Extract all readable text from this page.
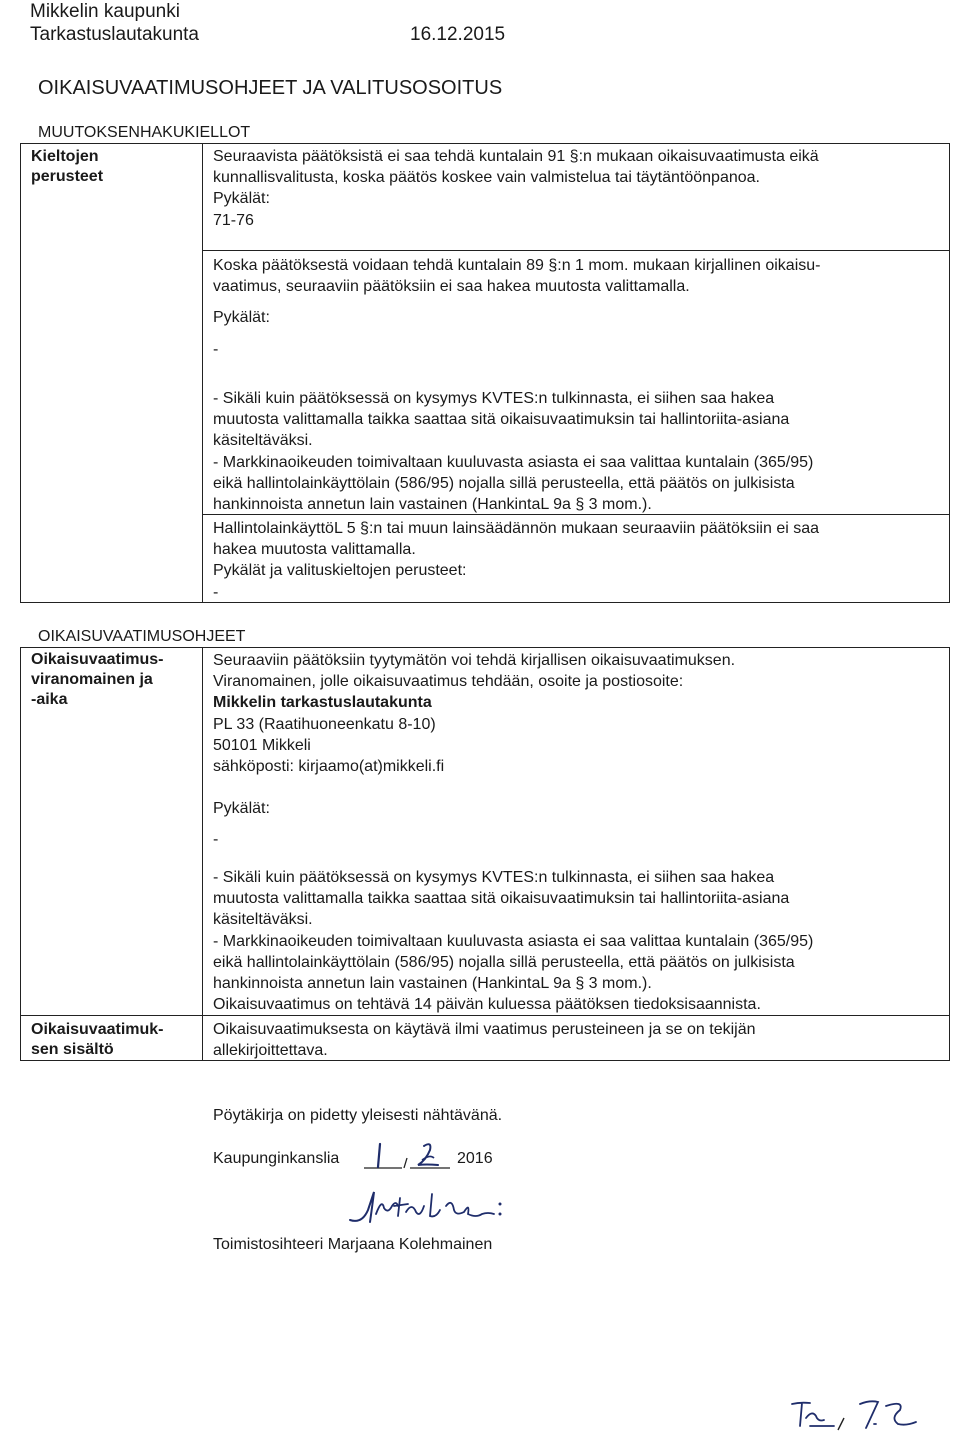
Mikkelin kaupunki
Tarkastuslautakunta	16.12.2015
OIKAISUVAATIMUSOHJEET JA VALITUSOSOITUS
MUUTOKSENHAKUKIELLOT
Kieltojen
perusteet
Seuraavista päätöksistä ei saa tehdä kuntalain 91 §:n mukaan oikaisuvaatimusta eikä
kunnallisvalitusta, koska päätös koskee vain valmistelua tai täytäntöönpanoa.
Pykälät:
71-76
Koska päätöksestä voidaan tehdä kuntalain 89 §:n 1 mom. mukaan kirjallinen oikaisu-
vaatimus, seuraaviin päätöksiin ei saa hakea muutosta valittamalla.
Pykälät:
-
- Sikäli kuin päätöksessä on kysymys KVTES:n tulkinnasta, ei siihen saa hakea
muutosta valittamalla taikka saattaa sitä oikaisuvaatimuksin tai hallintoriita-asiana
käsiteltäväksi.
- Markkinaoikeuden toimivaltaan kuuluvasta asiasta ei saa valittaa kuntalain (365/95)
eikä hallintolainkäyttölain (586/95) nojalla sillä perusteella, että päätös on julkisista
hankinnoista annetun lain vastainen (HankintaL 9a § 3 mom.).
HallintolainkäyttöL 5 §:n tai muun lainsäädännön mukaan seuraaviin päätöksiin ei saa
hakea muutosta valittamalla.
Pykälät ja valituskieltojen perusteet:
-
OIKAISUVAATIMUSOHJEET
Oikaisuvaatimus-
viranomainen ja
-aika
Seuraaviin päätöksiin tyytymätön voi tehdä kirjallisen oikaisuvaatimuksen.
Viranomainen, jolle oikaisuvaatimus tehdään, osoite ja postiosoite:
Mikkelin tarkastuslautakunta
PL 33 (Raatihuoneenkatu 8-10)
50101 Mikkeli
sähköposti: kirjaamo(at)mikkeli.fi
Pykälät:
-
- Sikäli kuin päätöksessä on kysymys KVTES:n tulkinnasta, ei siihen saa hakea
muutosta valittamalla taikka saattaa sitä oikaisuvaatimuksin tai hallintoriita-asiana
käsiteltäväksi.
- Markkinaoikeuden toimivaltaan kuuluvasta asiasta ei saa valittaa kuntalain (365/95)
eikä hallintolainkäyttölain (586/95) nojalla sillä perusteella, että päätös on julkisista
hankinnoista annetun lain vastainen (HankintaL 9a § 3 mom.).
Oikaisuvaatimus on tehtävä 14 päivän kuluessa päätöksen tiedoksisaannista.
Oikaisuvaatimuk-
sen sisältö
Oikaisuvaatimuksesta on käytävä ilmi vaatimus perusteineen ja se on tekijän
allekirjoittettava.
Pöytäkirja on pidetty yleisesti nähtävänä.
Kaupunginkanslia	2016
Toimistosihteeri Marjaana Kolehmainen
